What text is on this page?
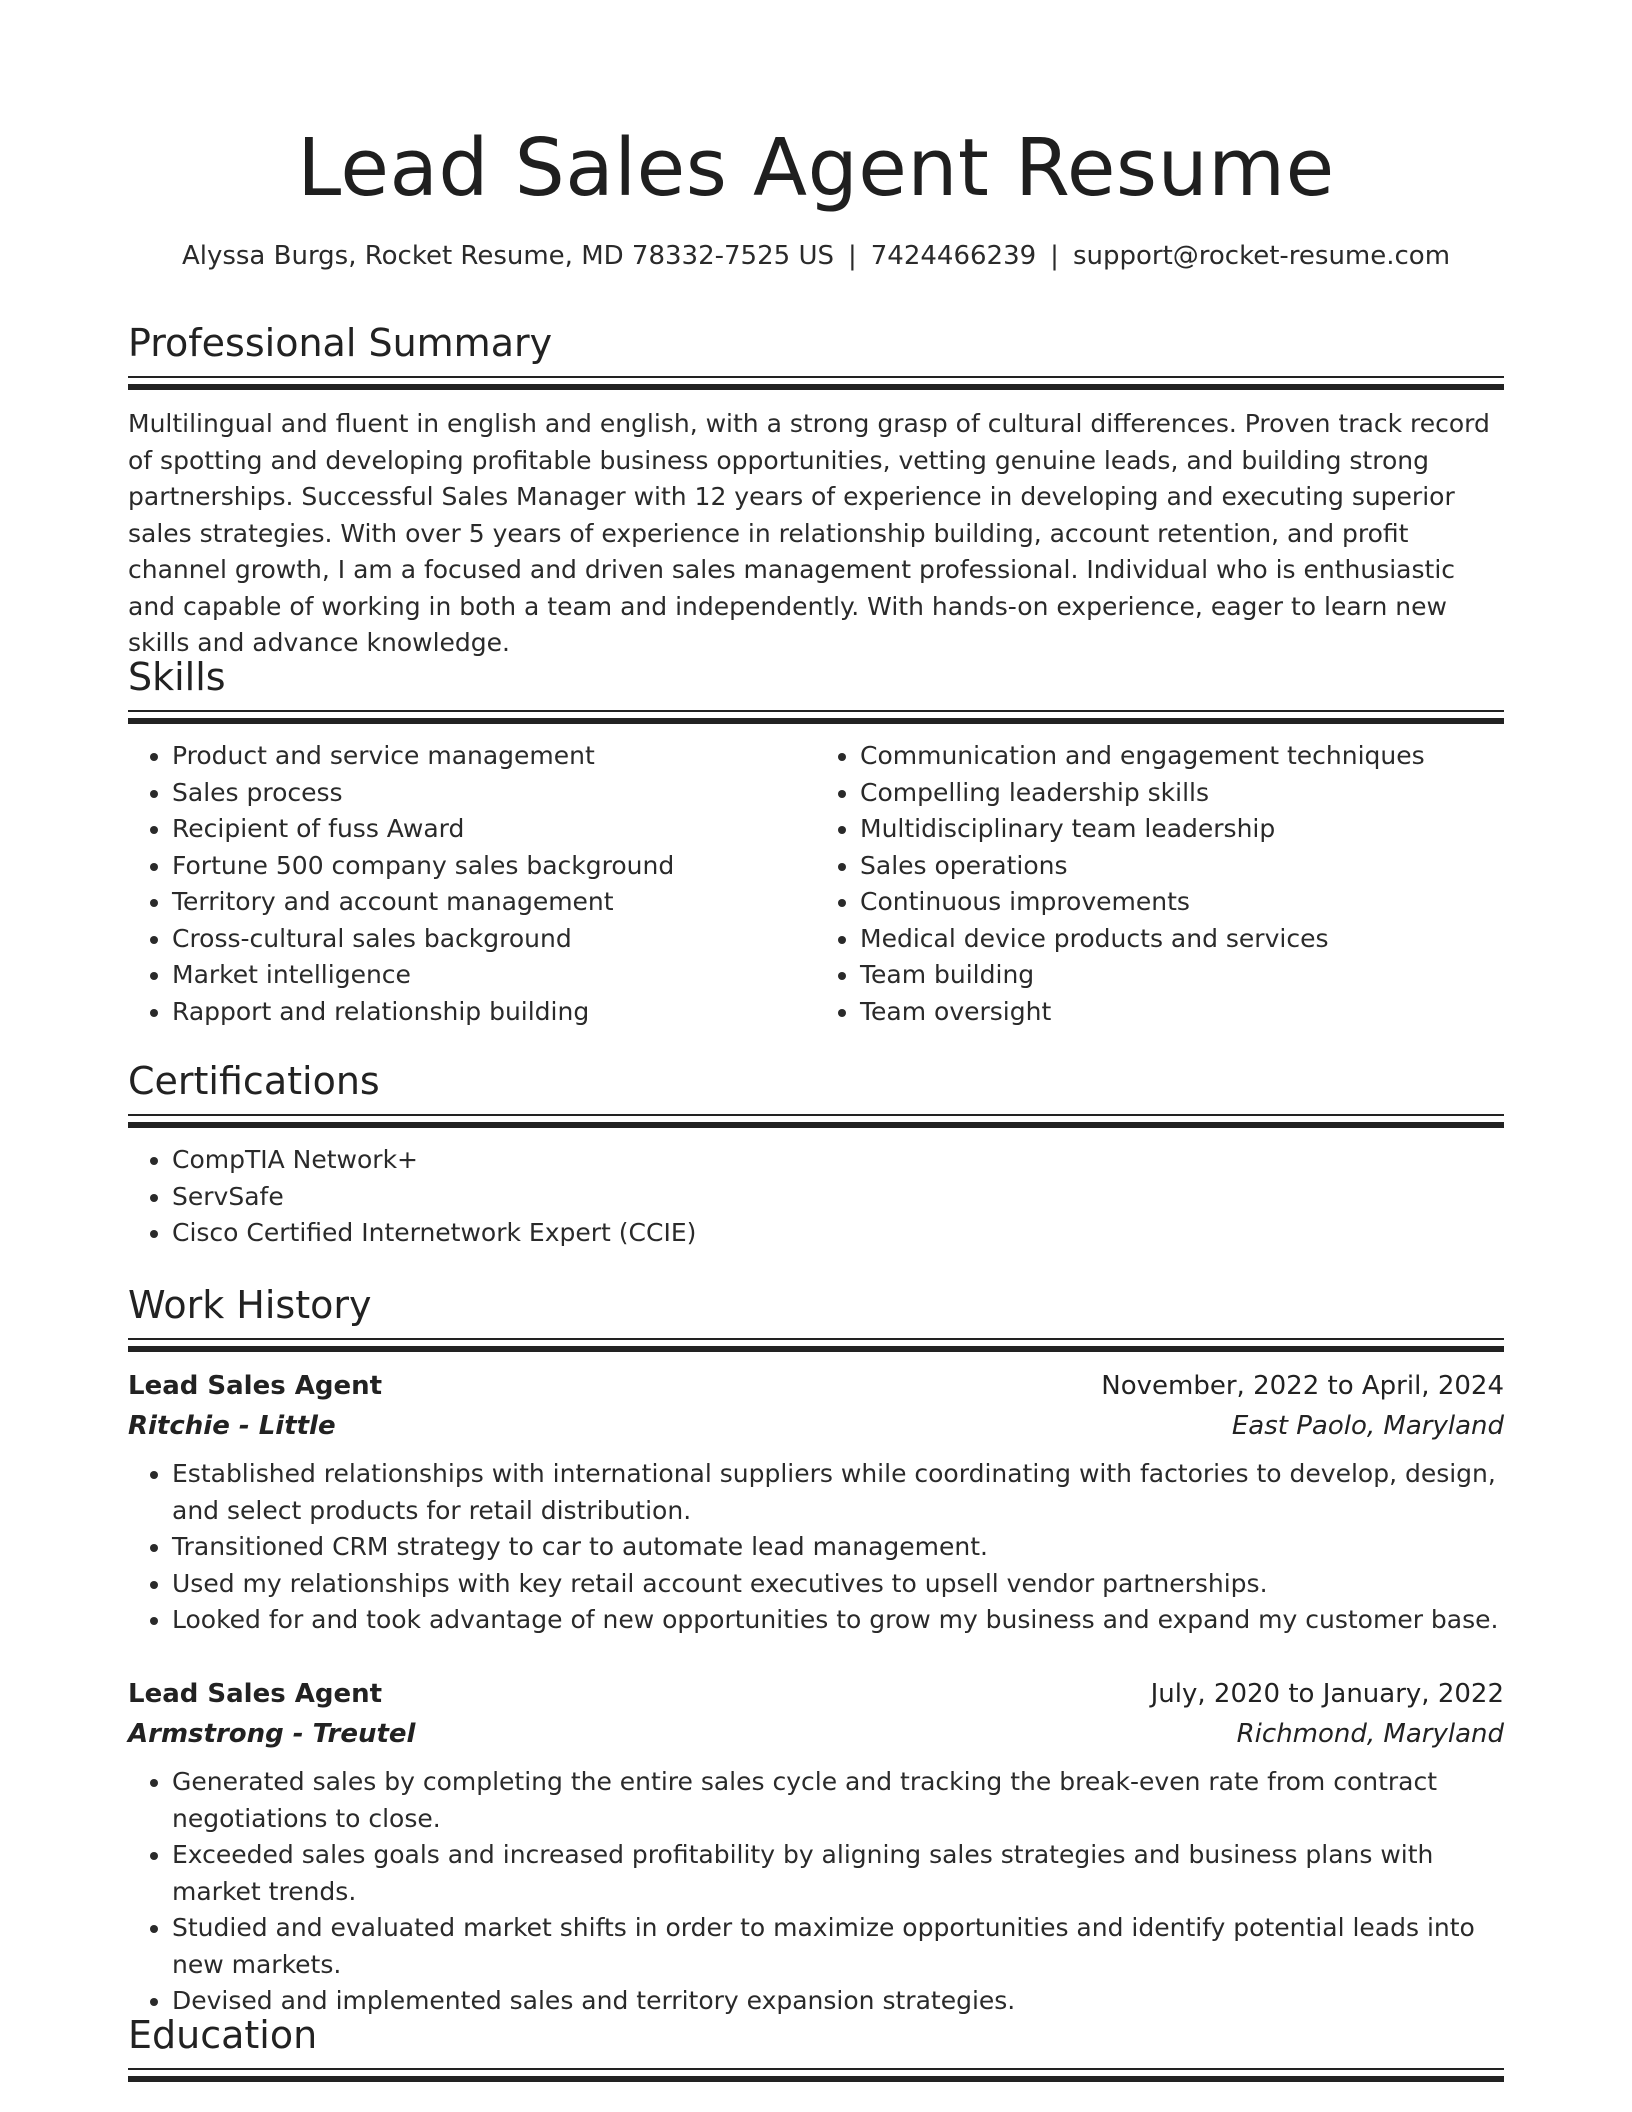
Lead Sales Agent Resume
Alyssa Burgs, Rocket Resume, MD 78332-7525 US | 7424466239 | support@rocket-resume.com
Professional Summary

Multilingual and fluent in english and english, with a strong grasp of cultural differences. Proven track record of spotting and developing profitable business opportunities, vetting genuine leads, and building strong partnerships. Successful Sales Manager with 12 years of experience in developing and executing superior sales strategies. With over 5 years of experience in relationship building, account retention, and profit channel growth, I am a focused and driven sales management professional. Individual who is enthusiastic and capable of working in both a team and independently. With hands-on experience, eager to learn new skills and advance knowledge.

Skills
• Product and service management
• Sales process
• Recipient of fuss Award
• Fortune 500 company sales background
• Territory and account management
• Cross-cultural sales background
• Market intelligence
• Rapport and relationship building
• Communication and engagement techniques
• Compelling leadership skills
• Multidisciplinary team leadership
• Sales operations
• Continuous improvements
• Medical device products and services
• Team building
• Team oversight
Certifications
• CompTIA Network+
• ServSafe
• Cisco Certified Internetwork Expert (CCIE)
Work History
Lead Sales Agent	November, 2022 to April, 2024
Ritchie - Little	East Paolo, Maryland
• Established relationships with international suppliers while coordinating with factories to develop, design, and select products for retail distribution.
• Transitioned CRM strategy to car to automate lead management.
• Used my relationships with key retail account executives to upsell vendor partnerships.
• Looked for and took advantage of new opportunities to grow my business and expand my customer base.
Lead Sales Agent	July, 2020 to January, 2022
Armstrong - Treutel	Richmond, Maryland
• Generated sales by completing the entire sales cycle and tracking the break-even rate from contract negotiations to close.
• Exceeded sales goals and increased profitability by aligning sales strategies and business plans with market trends.
• Studied and evaluated market shifts in order to maximize opportunities and identify potential leads into new markets.
• Devised and implemented sales and territory expansion strategies.
Education
